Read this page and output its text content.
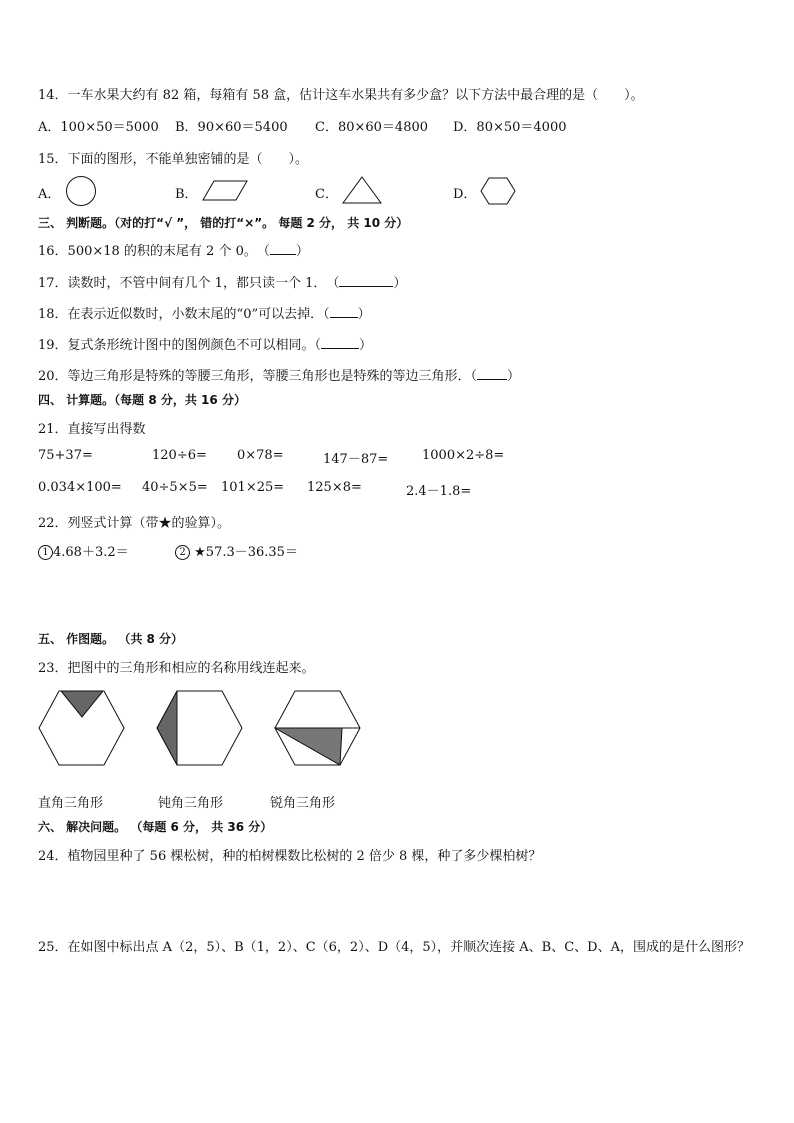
14．一车水果大约有 82 箱，每箱有 58 盒，估计这车水果共有多少盒？以下方法中最合理的是（　　）。
A．100×50＝5000 B．90×60＝5400 C．80×60＝4800 D．80×50＝4000
15．下面的图形，不能单独密铺的是（　　）。
A．	B．	C．	D．
三、 判断题。（对的打“√ ”， 错的打“×”。 每题 2 分， 共 10 分）
16．500×18 的积的末尾有 2 个 0。　（ ）
17．读数时，不管中间有几个 1，都只读一个 1．　（	）
18．在表示近似数时，小数末尾的“0”可以去掉．（ ）
19．复式条形统计图中的图例颜色不可以相同。（	）
20．等边三角形是特殊的等腰三角形，等腰三角形也是特殊的等边三角形．（ ）
四、 计算题。（每题 8 分，共 16 分）
21．直接写出得数
75+37=	120÷6= 0×78=	147－87=	1000×2÷8=
0.034×100= 40÷5×5= 101×25= 125×8=	2.4－1.8=
22．列竖式计算（带★的验算）。
1 4.68＋3.2＝	2 ★57.3－36.35＝
五、 作图题。 （共 8 分）
23．把图中的三角形和相应的名称用线连起来。
直角三角形	钝角三角形	锐角三角形
六、 解决问题。 （每题 6 分， 共 36 分）
24．植物园里种了 56 棵松树，种的柏树棵数比松树的 2 倍少 8 棵，种了多少棵柏树？
25．在如图中标出点 A（2，5）、B（1，2）、C（6，2）、D（4，5），并顺次连接 A、B、C、D、A，围成的是什么图形？
